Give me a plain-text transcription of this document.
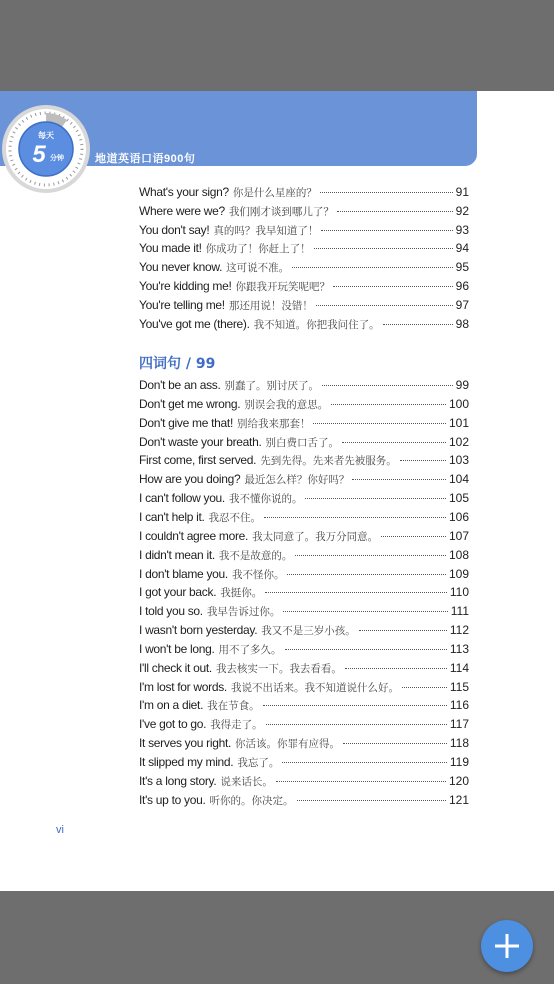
每天
5 分钟	地道英语口语900句
What's your sign? 你是什么星座的？	91
Where were we? 我们刚才谈到哪儿了？	92
You don't say! 真的吗？我早知道了！	93
You made it! 你成功了！你赶上了！	94
You never know. 这可说不准。	95
You're kidding me! 你跟我开玩笑呢吧？	96
You're telling me! 那还用说！没错！	97
You've got me (there). 我不知道。你把我问住了。	98
四词句 / 99
Don't be an ass. 别蠢了。别讨厌了。	99
Don't get me wrong. 别误会我的意思。	100
Don't give me that! 别给我来那套！	101
Don't waste your breath. 别白费口舌了。	102
First come, first served. 先到先得。先来者先被服务。	103
How are you doing? 最近怎么样？你好吗？	104
I can't follow you. 我不懂你说的。	105
I can't help it. 我忍不住。	106
I couldn't agree more. 我太同意了。我万分同意。	107
I didn't mean it. 我不是故意的。	108
I don't blame you. 我不怪你。	109
I got your back. 我挺你。	110
I told you so. 我早告诉过你。	111
I wasn't born yesterday. 我又不是三岁小孩。	112
I won't be long. 用不了多久。	113
I'll check it out. 我去核实一下。我去看看。	114
I'm lost for words. 我说不出话来。我不知道说什么好。	115
I'm on a diet. 我在节食。	116
I've got to go. 我得走了。	117
It serves you right. 你活该。你罪有应得。	118
It slipped my mind. 我忘了。	119
It's a long story. 说来话长。	120
It's up to you. 听你的。你决定。	121
vi
